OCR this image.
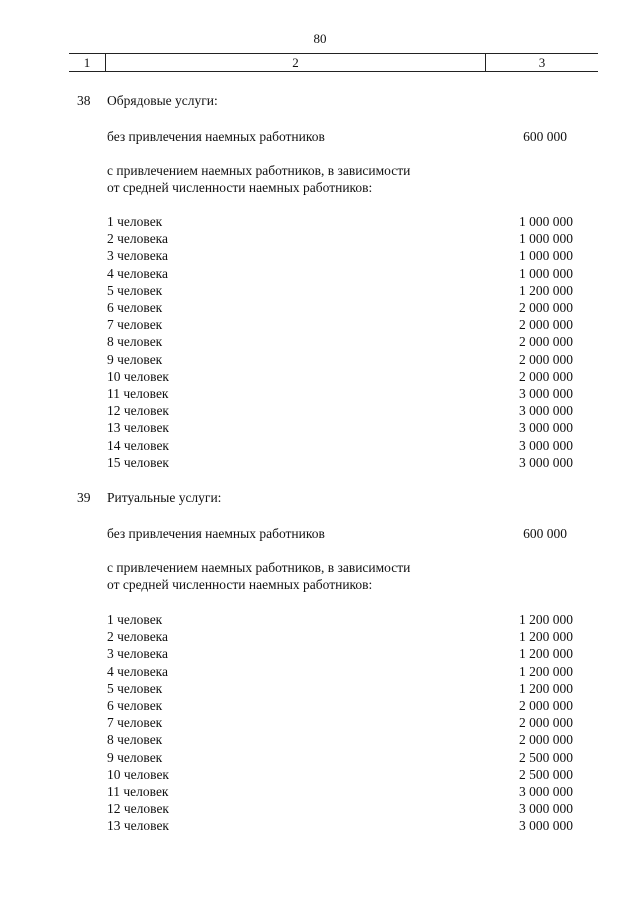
80
1	2	3
38 Обрядовые услуги:
без привлечения наемных работников	600 000
с привлечением наемных работников, в зависимости
от средней численности наемных работников:
1 человек	1 000 000
2 человека	1 000 000
3 человека	1 000 000
4 человека	1 000 000
5 человек	1 200 000
6 человек	2 000 000
7 человек	2 000 000
8 человек	2 000 000
9 человек	2 000 000
10 человек	2 000 000
11 человек	3 000 000
12 человек	3 000 000
13 человек	3 000 000
14 человек	3 000 000
15 человек	3 000 000
39 Ритуальные услуги:
без привлечения наемных работников	600 000
с привлечением наемных работников, в зависимости
от средней численности наемных работников:
1 человек	1 200 000
2 человека	1 200 000
3 человека	1 200 000
4 человека	1 200 000
5 человек	1 200 000
6 человек	2 000 000
7 человек	2 000 000
8 человек	2 000 000
9 человек	2 500 000
10 человек	2 500 000
11 человек	3 000 000
12 человек	3 000 000
13 человек	3 000 000
